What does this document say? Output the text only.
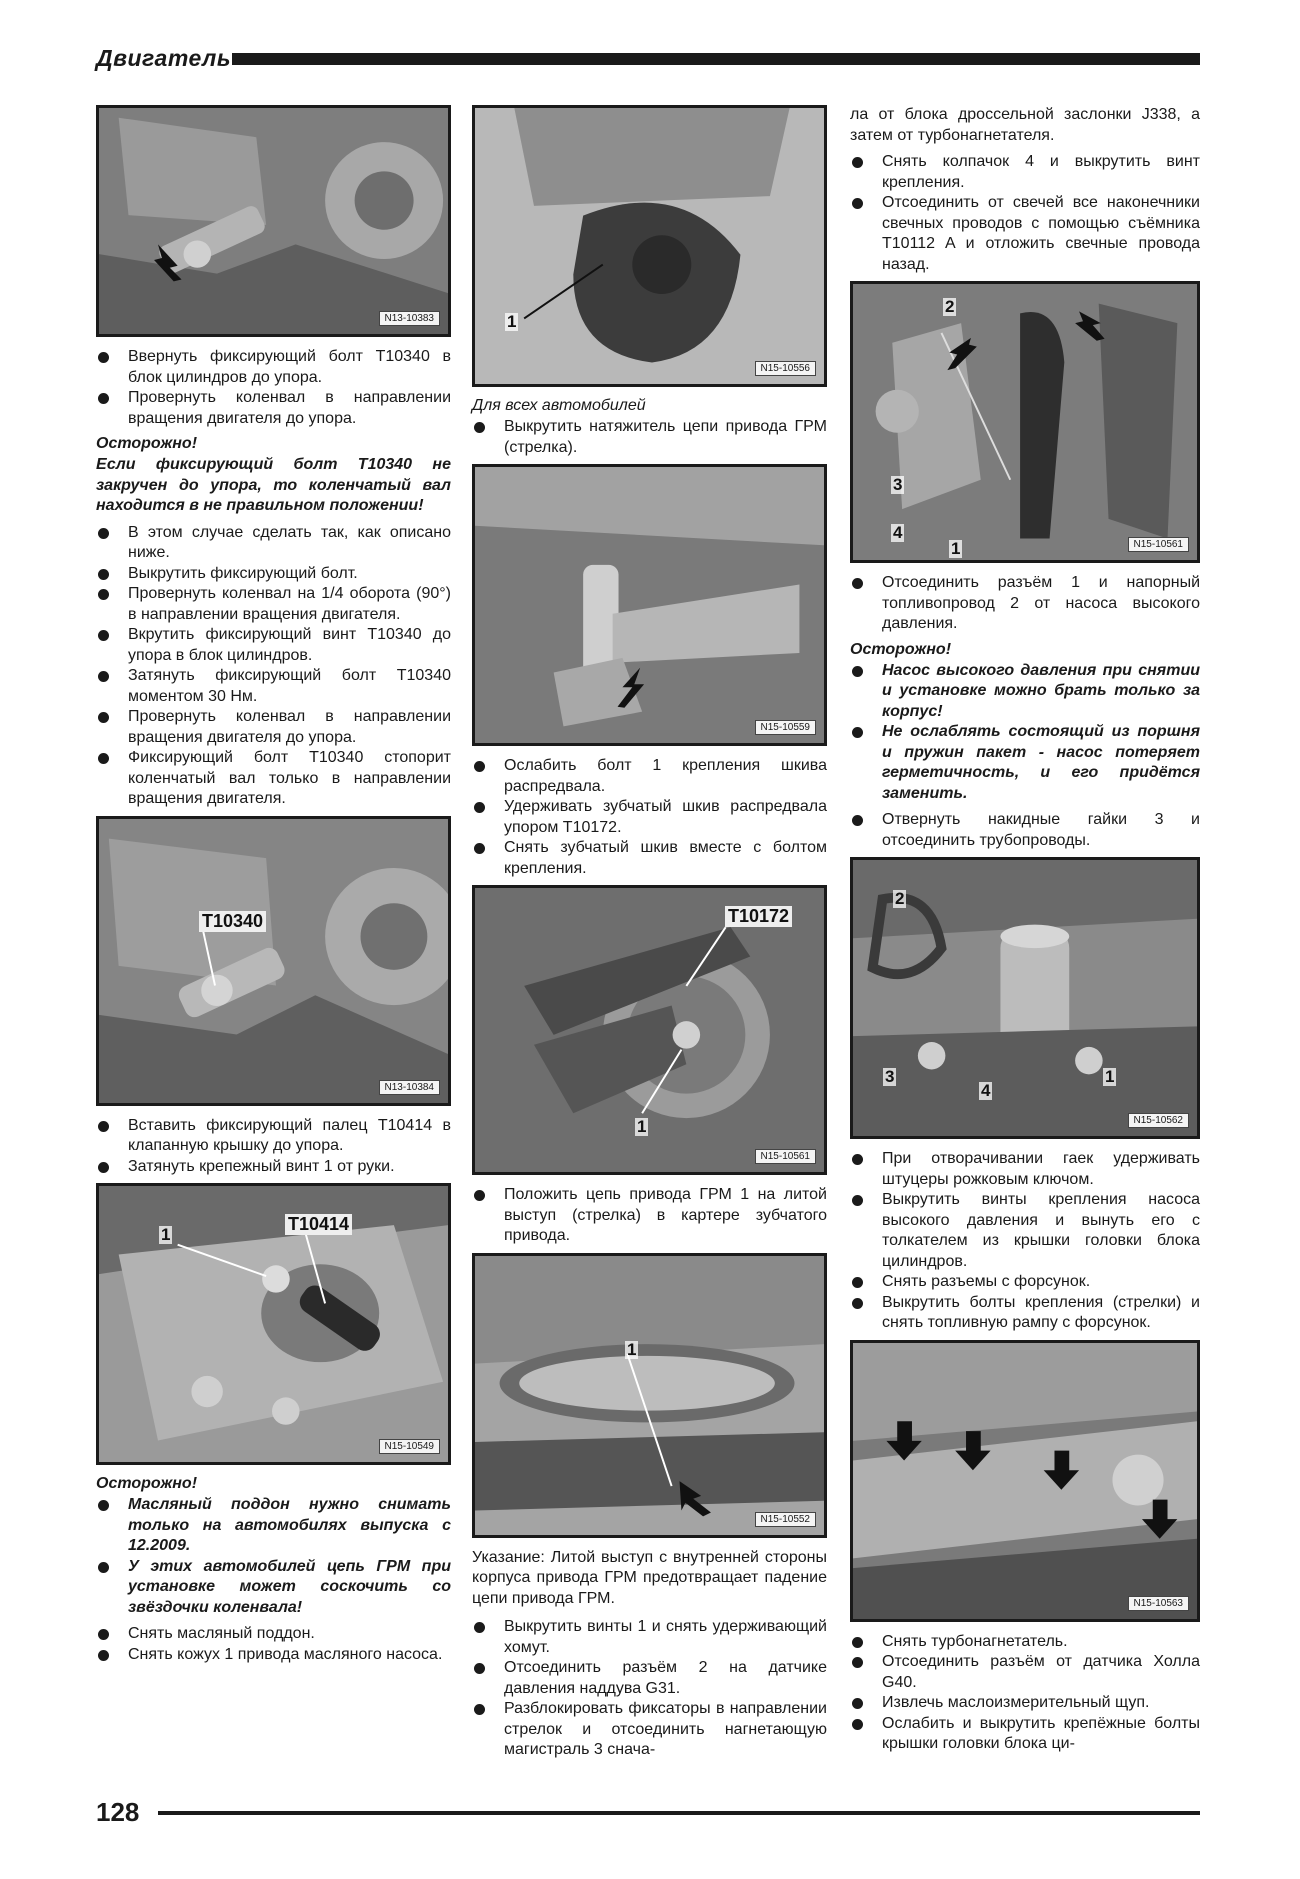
Двигатель
N13-10383
Ввернуть фиксирующий болт T10340 в блок цилиндров до упора.
Провернуть коленвал в направлении вращения двигателя до упора.

Осторожно!

Если фиксирующий болт T10340 не закручен до упора, то коленчатый вал находится в не правильном положении!

В этом случае сделать так, как описано ниже.
Выкрутить фиксирующий болт.
Провернуть коленвал на 1/4 оборота (90°) в направлении вращения двигателя.
Вкрутить фиксирующий винт T10340 до упора в блок цилиндров.
Затянуть фиксирующий болт T10340 моментом 30 Нм.
Провернуть коленвал в направлении вращения двигателя до упора.
Фиксирующий болт T10340 стопорит коленчатый вал только в направлении вращения двигателя.
T10340
N13-10384
Вставить фиксирующий палец T10414 в клапанную крышку до упора.
Затянуть крепежный винт 1 от руки.
1
T10414
N15-10549

Осторожно!

Масляный поддон нужно снимать только на автомобилях выпуска с 12.2009.
У этих автомобилей цепь ГРМ при установке может соскочить со звёздочки коленвала!
Снять масляный поддон.
Снять кожух 1 привода масляного насоса.
1
N15-10556

Для всех автомобилей

Выкрутить натяжитель цепи привода ГРМ (стрелка).
N15-10559
Ослабить болт 1 крепления шкива распредвала.
Удерживать зубчатый шкив распредвала упором T10172.
Снять зубчатый шкив вместе с болтом крепления.
T10172
1
N15-10561
Положить цепь привода ГРМ 1 на литой выступ (стрелка) в картере зубчатого привода.
1
N15-10552

Указание: Литой выступ с внутренней стороны корпуса привода ГРМ предотвращает падение цепи привода ГРМ.

Выкрутить винты 1 и снять удерживающий хомут.
Отсоединить разъём 2 на датчике давления наддува G31.
Разблокировать фиксаторы в направлении стрелок и отсоединить нагнетающую магистраль 3 снача-

ла от блока дроссельной заслонки J338, а затем от турбонагнетателя.

Снять колпачок 4 и выкрутить винт крепления.
Отсоединить от свечей все наконечники свечных проводов с помощью съёмника T10112 A и отложить свечные провода назад.
2
3
4
1	N15-10561
Отсоединить разъём 1 и напорный топливопровод 2 от насоса высокого давления.

Осторожно!

Насос высокого давления при снятии и установке можно брать только за корпус!
Не ослаблять состоящий из поршня и пружин пакет - насос потеряет герметичность, и его придётся заменить.
Отвернуть накидные гайки 3 и отсоединить трубопроводы.
2
3
4
1
N15-10562
При отворачивании гаек удерживать штуцеры рожковым ключом.
Выкрутить винты крепления насоса высокого давления и вынуть его с толкателем из крышки головки блока цилиндров.
Снять разъемы с форсунок.
Выкрутить болты крепления (стрелки) и снять топливную рампу с форсунок.
N15-10563
Снять турбонагнетатель.
Отсоединить разъём от датчика Холла G40.
Извлечь маслоизмерительный щуп.
Ослабить и выкрутить крепёжные болты крышки головки блока ци-
128
